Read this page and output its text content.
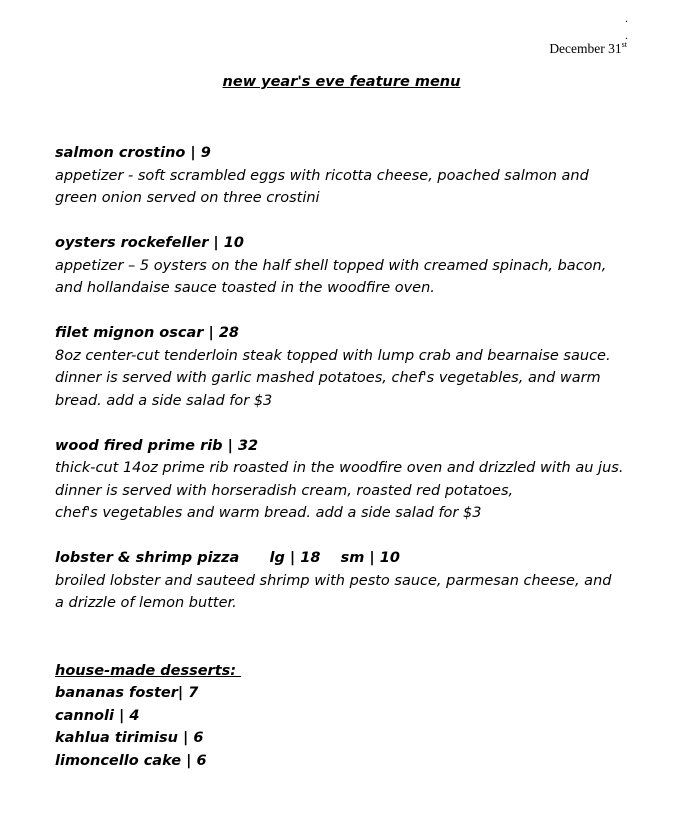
.
.
December 31st
new year's eve feature menu
salmon crostino | 9
appetizer - soft scrambled eggs with ricotta cheese, poached salmon and
green onion served on three crostini
oysters rockefeller | 10
appetizer – 5 oysters on the half shell topped with creamed spinach, bacon,
and hollandaise sauce toasted in the woodfire oven.
filet mignon oscar | 28
8oz center-cut tenderloin steak topped with lump crab and bearnaise sauce.
dinner is served with garlic mashed potatoes, chef's vegetables, and warm
bread. add a side salad for $3
wood fired prime rib | 32
thick-cut 14oz prime rib roasted in the woodfire oven and drizzled with au jus.
dinner is served with horseradish cream, roasted red potatoes,
chef's vegetables and warm bread. add a side salad for $3
lobster & shrimp pizza      lg | 18    sm | 10
broiled lobster and sauteed shrimp with pesto sauce, parmesan cheese, and
a drizzle of lemon butter.
house-made desserts:
bananas foster| 7
cannoli | 4
kahlua tirimisu | 6
limoncello cake | 6
